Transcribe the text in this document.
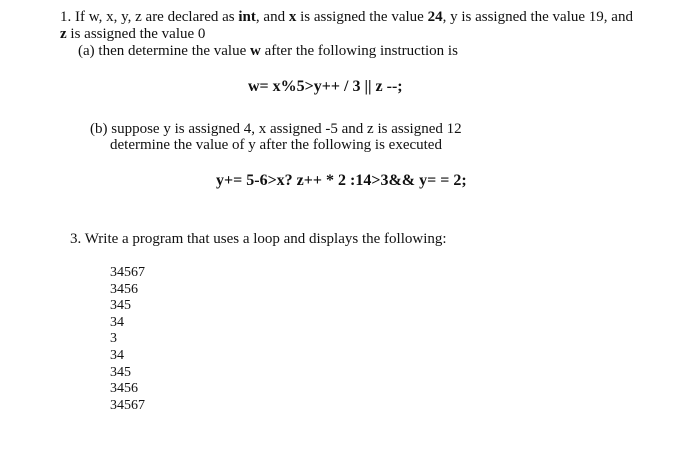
1. If w, x, y, z are declared as int, and x is assigned the value 24, y is assigned the value 19, and
z is assigned the value 0
(a) then determine the value w after the following instruction is
w= x%5>y++ / 3 || z --;
(b) suppose y is assigned 4, x assigned -5 and z is assigned 12
determine the value of y after the following is executed
y+= 5-6>x? z++ * 2 :14>3&& y= = 2;
3. Write a program that uses a loop and displays the following:
34567
3456
345
34
3
34
345
3456
34567
